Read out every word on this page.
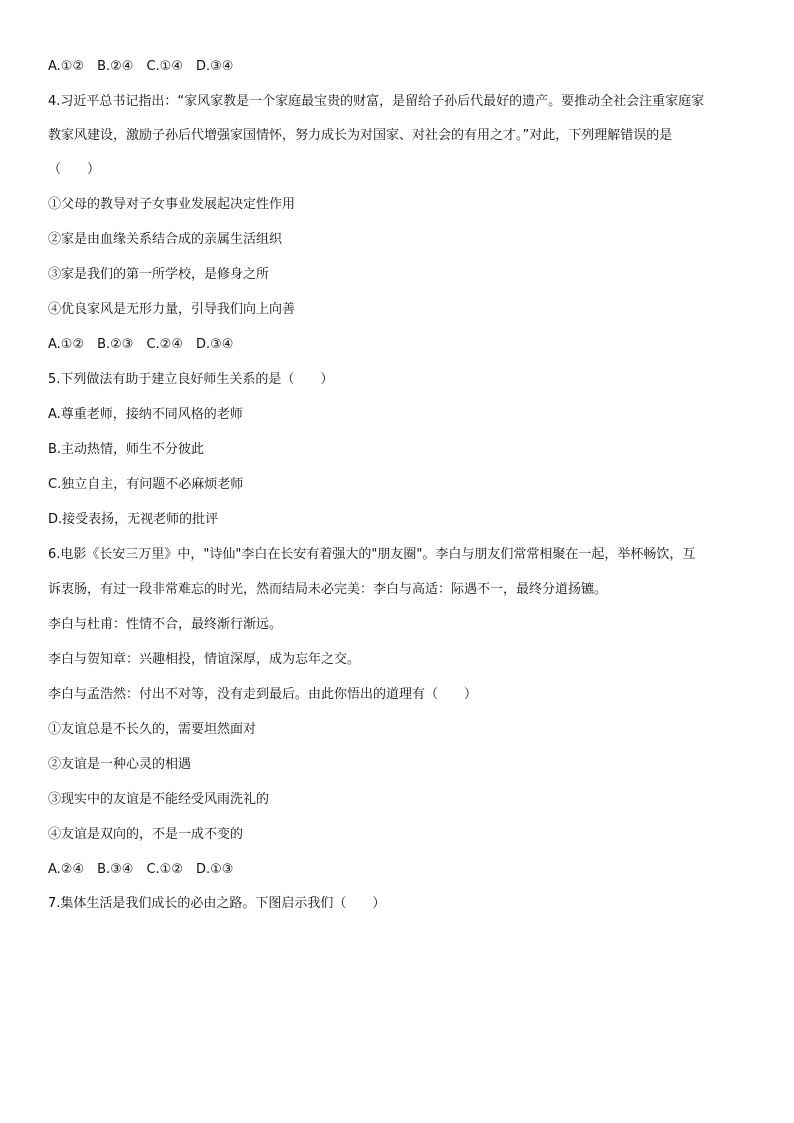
A.①②　B.②④　C.①④　D.③④
4.习近平总书记指出：“家风家教是一个家庭最宝贵的财富，是留给子孙后代最好的遗产。要推动全社会注重家庭家
教家风建设，激励子孙后代增强家国情怀，努力成长为对国家、对社会的有用之才。”对此，下列理解错误的是
（　　）
①父母的教导对子女事业发展起决定性作用
②家是由血缘关系结合成的亲属生活组织
③家是我们的第一所学校，是修身之所
④优良家风是无形力量，引导我们向上向善
A.①②　B.②③　C.②④　D.③④
5.下列做法有助于建立良好师生关系的是（　　）
A.尊重老师，接纳不同风格的老师
B.主动热情，师生不分彼此
C.独立自主，有问题不必麻烦老师
D.接受表扬，无视老师的批评
6.电影《长安三万里》中，"诗仙"李白在长安有着强大的"朋友圈"。李白与朋友们常常相聚在一起，举杯畅饮，互
诉衷肠，有过一段非常难忘的时光，然而结局未必完美：李白与高适：际遇不一，最终分道扬镳。
李白与杜甫：性情不合，最终渐行渐远。
李白与贺知章：兴趣相投，情谊深厚，成为忘年之交。
李白与孟浩然：付出不对等，没有走到最后。由此你悟出的道理有（　　）
①友谊总是不长久的，需要坦然面对
②友谊是一种心灵的相遇
③现实中的友谊是不能经受风雨洗礼的
④友谊是双向的，不是一成不变的
A.②④　B.③④　C.①②　D.①③
7.集体生活是我们成长的必由之路。下图启示我们（　　）
